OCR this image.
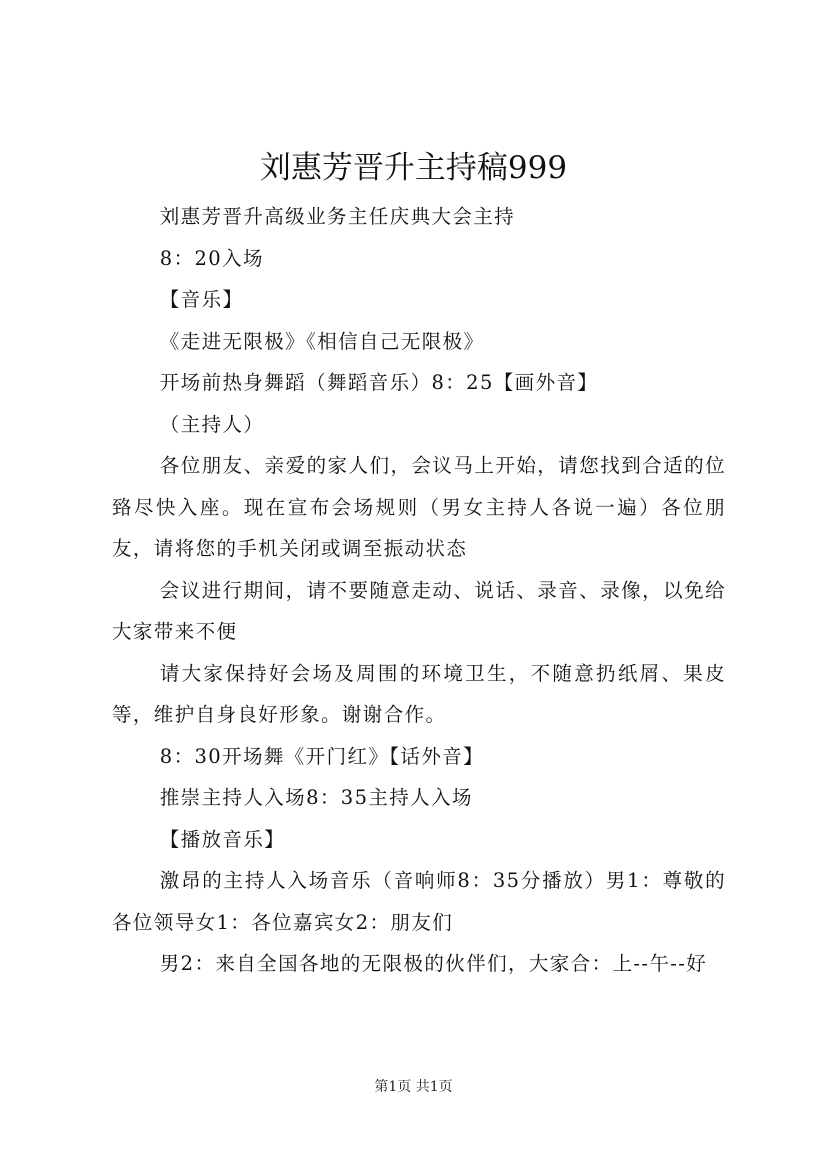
刘惠芳晋升主持稿999

刘惠芳晋升高级业务主任庆典大会主持

8：20入场

【音乐】

《走进无限极》《相信自己无限极》

开场前热身舞蹈（舞蹈音乐）8：25【画外音】

（主持人）

各位朋友、亲爱的家人们，会议马上开始，请您找到合适的位臵尽快入座。现在宣布会场规则（男女主持人各说一遍）各位朋友，请将您的手机关闭或调至振动状态

会议进行期间，请不要随意走动、说话、录音、录像，以免给大家带来不便

请大家保持好会场及周围的环境卫生，不随意扔纸屑、果皮等，维护自身良好形象。谢谢合作。

8：30开场舞《开门红》【话外音】

推崇主持人入场8：35主持人入场

【播放音乐】

激昂的主持人入场音乐（音响师8：35分播放）男1：尊敬的各位领导女1：各位嘉宾女2：朋友们

男2：来自全国各地的无限极的伙伴们，大家合：上--午--好

第1页 共1页
